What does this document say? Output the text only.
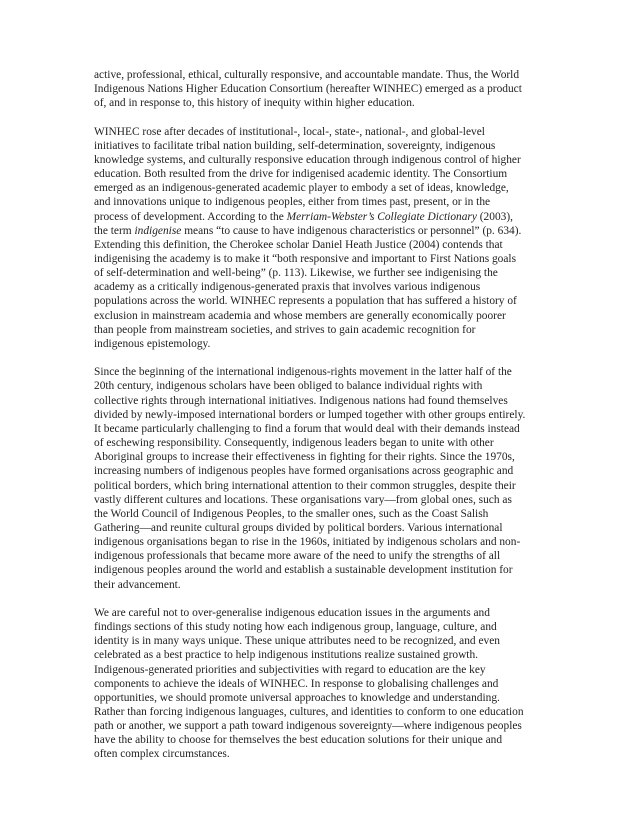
active, professional, ethical, culturally responsive, and accountable mandate. Thus, the World
Indigenous Nations Higher Education Consortium (hereafter WINHEC) emerged as a product
of, and in response to, this history of inequity within higher education.

WINHEC rose after decades of institutional-, local-, state-, national-, and global-level
initiatives to facilitate tribal nation building, self-determination, sovereignty, indigenous
knowledge systems, and culturally responsive education through indigenous control of higher
education. Both resulted from the drive for indigenised academic identity. The Consortium
emerged as an indigenous-generated academic player to embody a set of ideas, knowledge,
and innovations unique to indigenous peoples, either from times past, present, or in the
process of development. According to the Merriam-Webster’s Collegiate Dictionary (2003),
the term indigenise means “to cause to have indigenous characteristics or personnel” (p. 634).
Extending this definition, the Cherokee scholar Daniel Heath Justice (2004) contends that
indigenising the academy is to make it “both responsive and important to First Nations goals
of self-determination and well-being” (p. 113). Likewise, we further see indigenising the
academy as a critically indigenous-generated praxis that involves various indigenous
populations across the world. WINHEC represents a population that has suffered a history of
exclusion in mainstream academia and whose members are generally economically poorer
than people from mainstream societies, and strives to gain academic recognition for
indigenous epistemology.

Since the beginning of the international indigenous-rights movement in the latter half of the
20th century, indigenous scholars have been obliged to balance individual rights with
collective rights through international initiatives. Indigenous nations had found themselves
divided by newly-imposed international borders or lumped together with other groups entirely.
It became particularly challenging to find a forum that would deal with their demands instead
of eschewing responsibility. Consequently, indigenous leaders began to unite with other
Aboriginal groups to increase their effectiveness in fighting for their rights. Since the 1970s,
increasing numbers of indigenous peoples have formed organisations across geographic and
political borders, which bring international attention to their common struggles, despite their
vastly different cultures and locations. These organisations vary—from global ones, such as
the World Council of Indigenous Peoples, to the smaller ones, such as the Coast Salish
Gathering—and reunite cultural groups divided by political borders. Various international
indigenous organisations began to rise in the 1960s, initiated by indigenous scholars and non-
indigenous professionals that became more aware of the need to unify the strengths of all
indigenous peoples around the world and establish a sustainable development institution for
their advancement.

We are careful not to over-generalise indigenous education issues in the arguments and
findings sections of this study noting how each indigenous group, language, culture, and
identity is in many ways unique. These unique attributes need to be recognized, and even
celebrated as a best practice to help indigenous institutions realize sustained growth.
Indigenous-generated priorities and subjectivities with regard to education are the key
components to achieve the ideals of WINHEC. In response to globalising challenges and
opportunities, we should promote universal approaches to knowledge and understanding.
Rather than forcing indigenous languages, cultures, and identities to conform to one education
path or another, we support a path toward indigenous sovereignty—where indigenous peoples
have the ability to choose for themselves the best education solutions for their unique and
often complex circumstances.
